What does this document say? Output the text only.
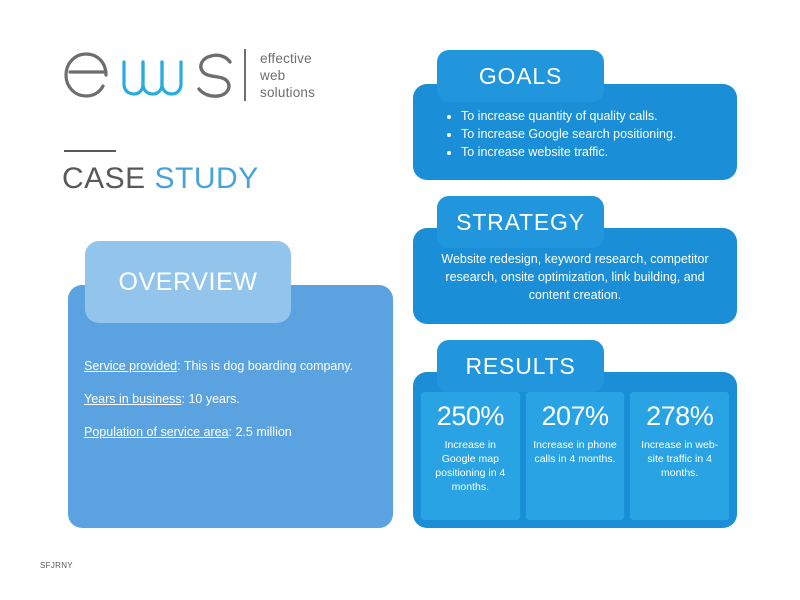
effective
web
solutions
CASE STUDY
OVERVIEW
Service provided: This is dog boarding company.
Years in business: 10 years.
Population of service area: 2.5 million
GOALS
• To increase quantity of quality calls.
• To increase Google search positioning.
• To increase website traffic.
STRATEGY
Website redesign, keyword research, competitor research, onsite optimization, link building, and content creation.
RESULTS
250%
Increase in Google map positioning in 4 months.
207%
Increase in phone calls in 4 months.
278%
Increase in web-site traffic in 4 months.
SFJRNY
